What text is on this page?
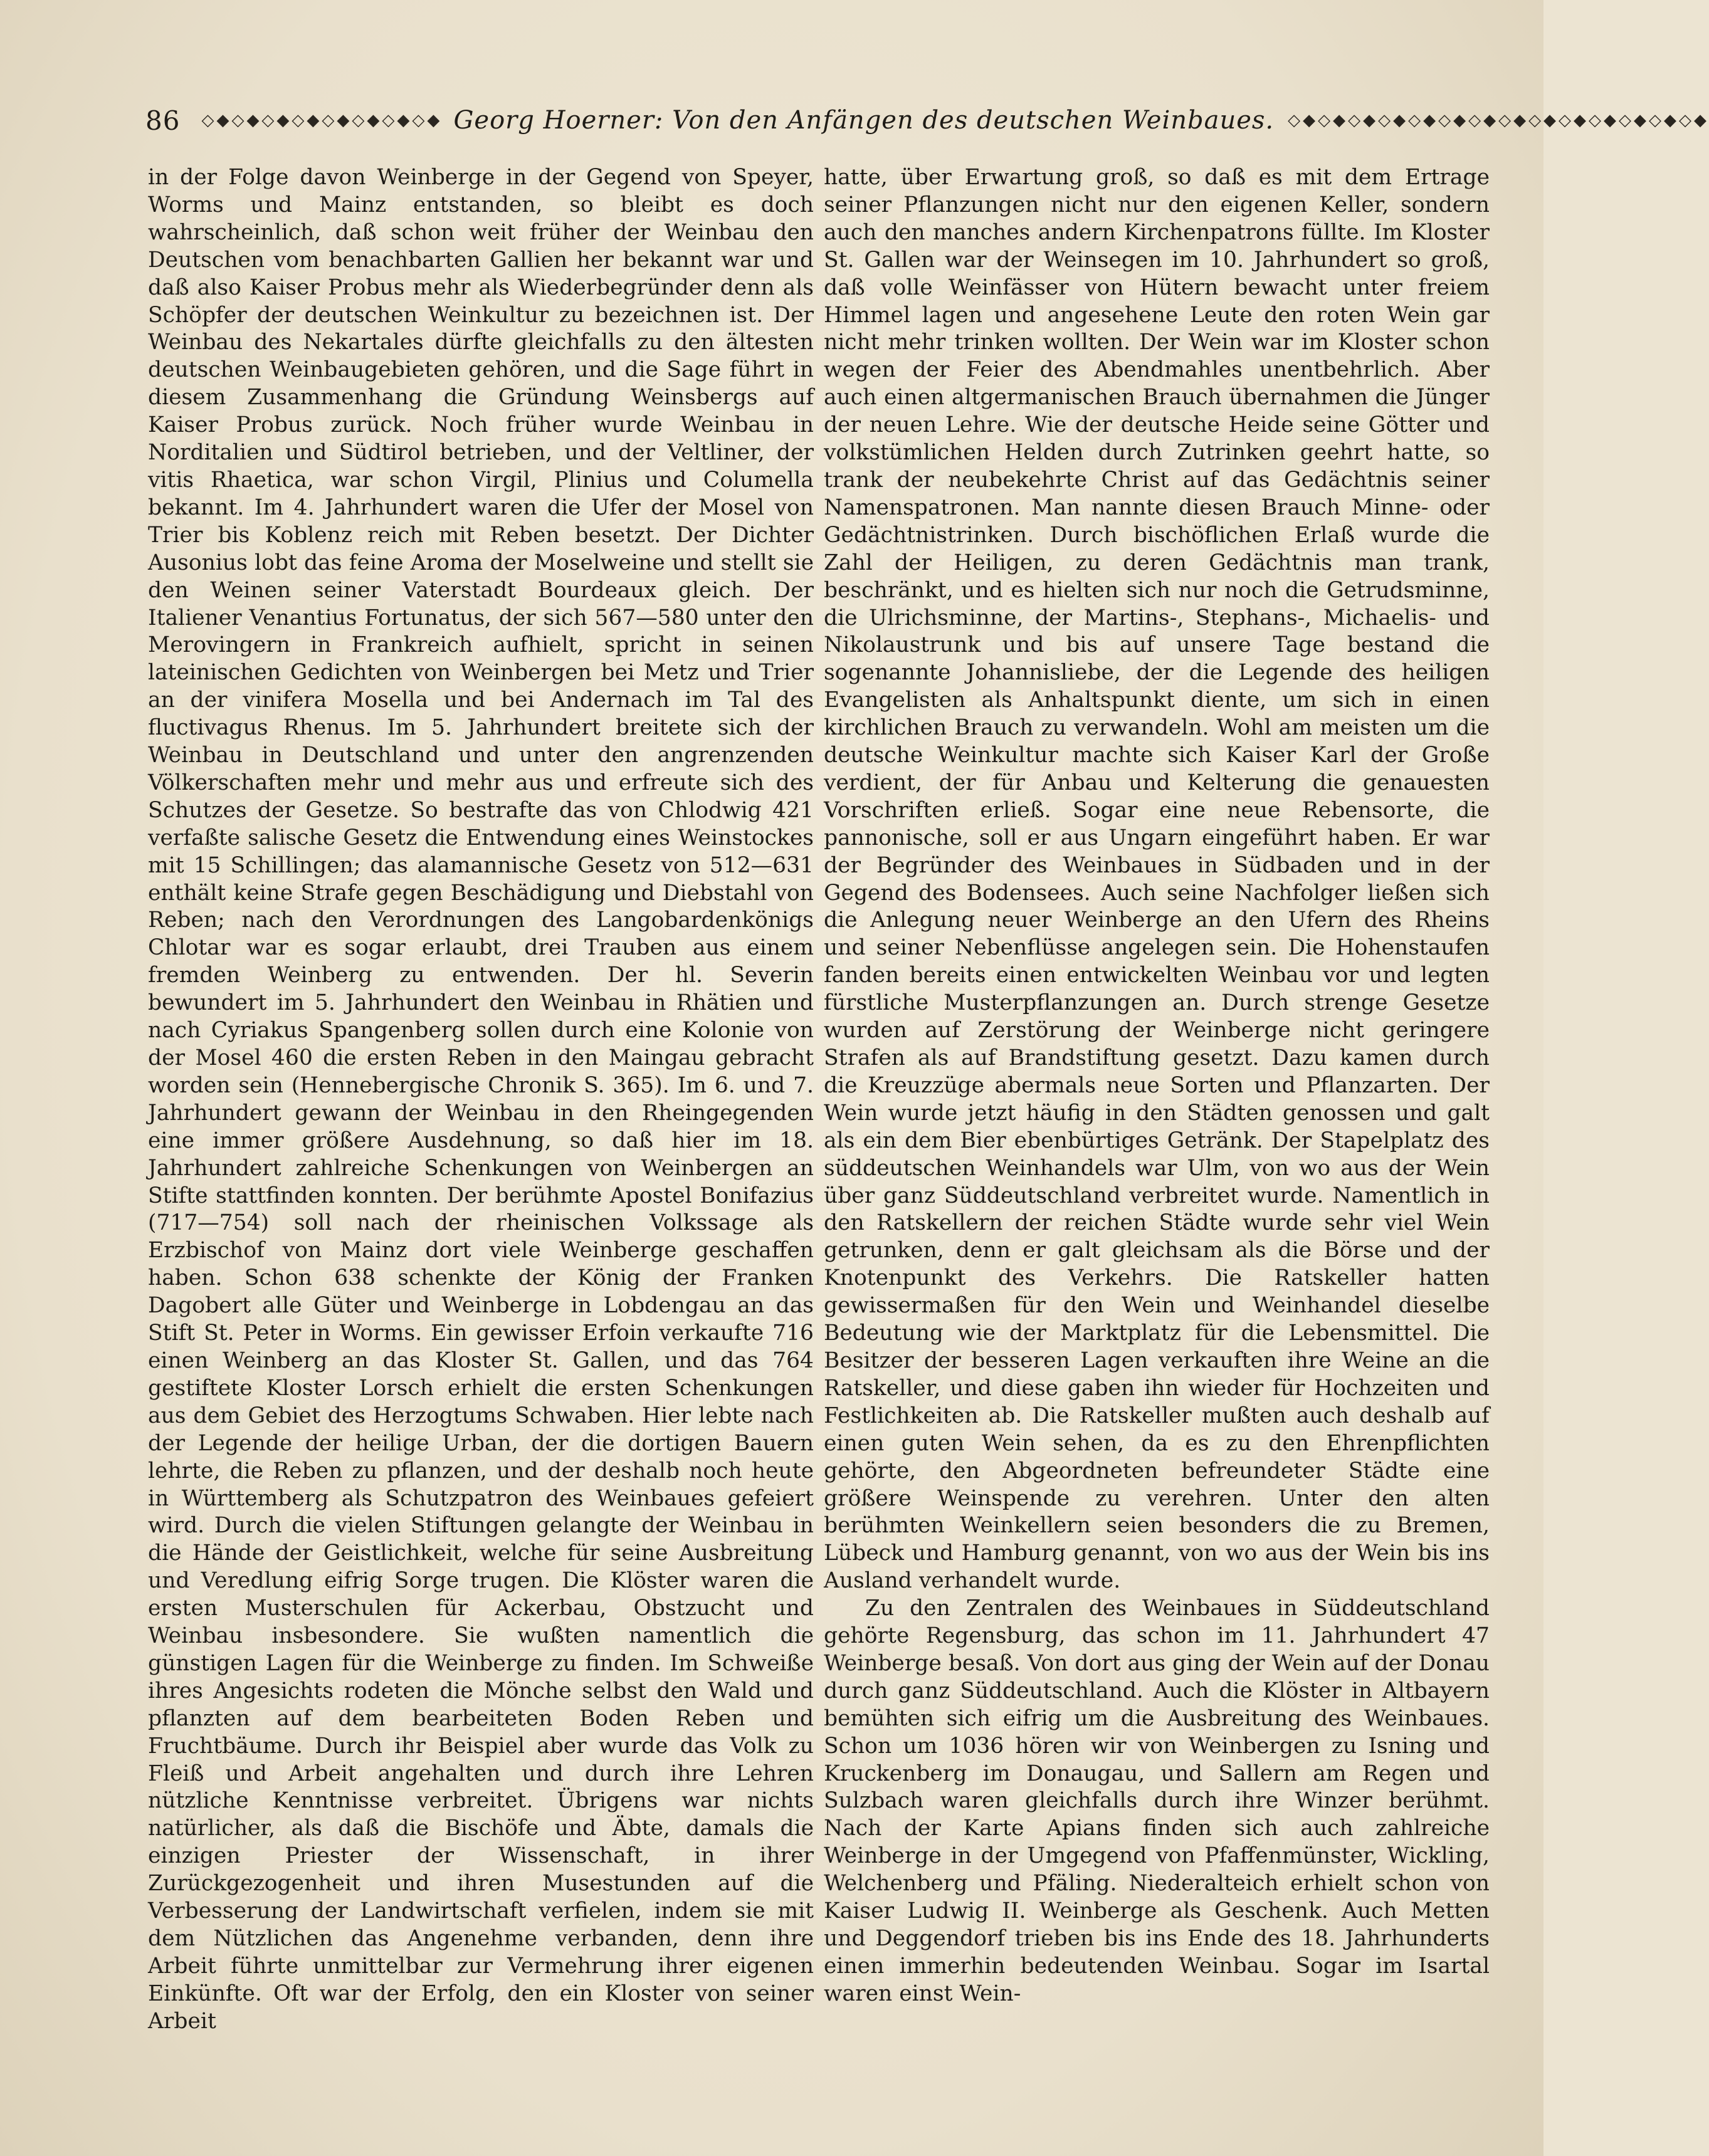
86 ◇◆◇◆◇◆◇◆◇◆◇◆◇◆◇◆ Georg Hoerner: Von den Anfängen des deutschen Weinbaues. ◇◆◇◆◇◆◇◆◇◆◇◆◇◆◇◆◇◆◇◆◇◆◇◆◇◆◇◆

in der Folge davon Weinberge in der Gegend von Speyer, Worms und Mainz entstanden, so bleibt es doch wahrscheinlich, daß schon weit früher der Weinbau den Deutschen vom benachbarten Gallien her bekannt war und daß also Kaiser Probus mehr als Wiederbegründer denn als Schöpfer der deutschen Weinkultur zu bezeichnen ist. Der Weinbau des Nekartales dürfte gleichfalls zu den ältesten deutschen Weinbaugebieten gehören, und die Sage führt in diesem Zusammenhang die Gründung Weinsbergs auf Kaiser Probus zurück. Noch früher wurde Weinbau in Norditalien und Südtirol betrieben, und der Veltliner, der vitis Rhaetica, war schon Virgil, Plinius und Columella bekannt. Im 4. Jahrhundert waren die Ufer der Mosel von Trier bis Koblenz reich mit Reben besetzt. Der Dichter Ausonius lobt das feine Aroma der Moselweine und stellt sie den Weinen seiner Vaterstadt Bourdeaux gleich. Der Italiener Venantius Fortunatus, der sich 567—580 unter den Merovingern in Frankreich aufhielt, spricht in seinen lateinischen Gedichten von Weinbergen bei Metz und Trier an der vinifera Mosella und bei Andernach im Tal des fluctivagus Rhenus. Im 5. Jahrhundert breitete sich der Weinbau in Deutschland und unter den angrenzenden Völkerschaften mehr und mehr aus und erfreute sich des Schutzes der Gesetze. So bestrafte das von Chlodwig 421 verfaßte salische Gesetz die Entwendung eines Weinstockes mit 15 Schillingen; das alamannische Gesetz von 512—631 enthält keine Strafe gegen Beschädigung und Diebstahl von Reben; nach den Verordnungen des Langobardenkönigs Chlotar war es sogar erlaubt, drei Trauben aus einem fremden Weinberg zu entwenden. Der hl. Severin bewundert im 5. Jahrhundert den Weinbau in Rhätien und nach Cyriakus Spangenberg sollen durch eine Kolonie von der Mosel 460 die ersten Reben in den Maingau gebracht worden sein (Hennebergische Chronik S. 365). Im 6. und 7. Jahrhundert gewann der Weinbau in den Rheingegenden eine immer größere Ausdehnung, so daß hier im 18. Jahrhundert zahlreiche Schenkungen von Weinbergen an Stifte stattfinden konnten. Der berühmte Apostel Bonifazius (717—754) soll nach der rheinischen Volkssage als Erzbischof von Mainz dort viele Weinberge geschaffen haben. Schon 638 schenkte der König der Franken Dagobert alle Güter und Weinberge in Lobdengau an das Stift St. Peter in Worms. Ein gewisser Erfoin verkaufte 716 einen Weinberg an das Kloster St. Gallen, und das 764 gestiftete Kloster Lorsch erhielt die ersten Schenkungen aus dem Gebiet des Herzogtums Schwaben. Hier lebte nach der Legende der heilige Urban, der die dortigen Bauern lehrte, die Reben zu pflanzen, und der deshalb noch heute in Württemberg als Schutzpatron des Weinbaues gefeiert wird. Durch die vielen Stiftungen gelangte der Weinbau in die Hände der Geistlichkeit, welche für seine Ausbreitung und Veredlung eifrig Sorge trugen. Die Klöster waren die ersten Musterschulen für Ackerbau, Obstzucht und Weinbau insbesondere. Sie wußten namentlich die günstigen Lagen für die Weinberge zu finden. Im Schweiße ihres Angesichts rodeten die Mönche selbst den Wald und pflanzten auf dem bearbeiteten Boden Reben und Fruchtbäume. Durch ihr Beispiel aber wurde das Volk zu Fleiß und Arbeit angehalten und durch ihre Lehren nützliche Kenntnisse verbreitet. Übrigens war nichts natürlicher, als daß die Bischöfe und Äbte, damals die einzigen Priester der Wissenschaft, in ihrer Zurückgezogenheit und ihren Musestunden auf die Verbesserung der Landwirtschaft verfielen, indem sie mit dem Nützlichen das Angenehme verbanden, denn ihre Arbeit führte unmittelbar zur Vermehrung ihrer eigenen Einkünfte. Oft war der Erfolg, den ein Kloster von seiner Arbeit

hatte, über Erwartung groß, so daß es mit dem Ertrage seiner Pflanzungen nicht nur den eigenen Keller, sondern auch den manches andern Kirchenpatrons füllte. Im Kloster St. Gallen war der Weinsegen im 10. Jahrhundert so groß, daß volle Weinfässer von Hütern bewacht unter freiem Himmel lagen und angesehene Leute den roten Wein gar nicht mehr trinken wollten. Der Wein war im Kloster schon wegen der Feier des Abendmahles unentbehrlich. Aber auch einen altgermanischen Brauch übernahmen die Jünger der neuen Lehre. Wie der deutsche Heide seine Götter und volkstümlichen Helden durch Zutrinken geehrt hatte, so trank der neubekehrte Christ auf das Gedächtnis seiner Namenspatronen. Man nannte diesen Brauch Minne- oder Gedächtnistrinken. Durch bischöflichen Erlaß wurde die Zahl der Heiligen, zu deren Gedächtnis man trank, beschränkt, und es hielten sich nur noch die Getrudsminne, die Ulrichsminne, der Martins-, Stephans-, Michaelis- und Nikolaustrunk und bis auf unsere Tage bestand die sogenannte Johannisliebe, der die Legende des heiligen Evangelisten als Anhaltspunkt diente, um sich in einen kirchlichen Brauch zu verwandeln. Wohl am meisten um die deutsche Weinkultur machte sich Kaiser Karl der Große verdient, der für Anbau und Kelterung die genauesten Vorschriften erließ. Sogar eine neue Rebensorte, die pannonische, soll er aus Ungarn eingeführt haben. Er war der Begründer des Weinbaues in Südbaden und in der Gegend des Bodensees. Auch seine Nachfolger ließen sich die Anlegung neuer Weinberge an den Ufern des Rheins und seiner Nebenflüsse angelegen sein. Die Hohenstaufen fanden bereits einen entwickelten Weinbau vor und legten fürstliche Musterpflanzungen an. Durch strenge Gesetze wurden auf Zerstörung der Weinberge nicht geringere Strafen als auf Brandstiftung gesetzt. Dazu kamen durch die Kreuzzüge abermals neue Sorten und Pflanzarten. Der Wein wurde jetzt häufig in den Städten genossen und galt als ein dem Bier ebenbürtiges Getränk. Der Stapelplatz des süddeutschen Weinhandels war Ulm, von wo aus der Wein über ganz Süddeutschland verbreitet wurde. Namentlich in den Ratskellern der reichen Städte wurde sehr viel Wein getrunken, denn er galt gleichsam als die Börse und der Knotenpunkt des Verkehrs. Die Ratskeller hatten gewissermaßen für den Wein und Weinhandel dieselbe Bedeutung wie der Marktplatz für die Lebensmittel. Die Besitzer der besseren Lagen verkauften ihre Weine an die Ratskeller, und diese gaben ihn wieder für Hochzeiten und Festlichkeiten ab. Die Ratskeller mußten auch deshalb auf einen guten Wein sehen, da es zu den Ehrenpflichten gehörte, den Abgeordneten befreundeter Städte eine größere Weinspende zu verehren. Unter den alten berühmten Weinkellern seien besonders die zu Bremen, Lübeck und Hamburg genannt, von wo aus der Wein bis ins Ausland verhandelt wurde.

Zu den Zentralen des Weinbaues in Süddeutschland gehörte Regensburg, das schon im 11. Jahrhundert 47 Weinberge besaß. Von dort aus ging der Wein auf der Donau durch ganz Süddeutschland. Auch die Klöster in Altbayern bemühten sich eifrig um die Ausbreitung des Weinbaues. Schon um 1036 hören wir von Weinbergen zu Isning und Kruckenberg im Donaugau, und Sallern am Regen und Sulzbach waren gleichfalls durch ihre Winzer berühmt. Nach der Karte Apians finden sich auch zahlreiche Weinberge in der Umgegend von Pfaffenmünster, Wickling, Welchenberg und Pfäling. Niederalteich erhielt schon von Kaiser Ludwig II. Weinberge als Geschenk. Auch Metten und Deggendorf trieben bis ins Ende des 18. Jahrhunderts einen immerhin bedeutenden Weinbau. Sogar im Isartal waren einst Wein-
